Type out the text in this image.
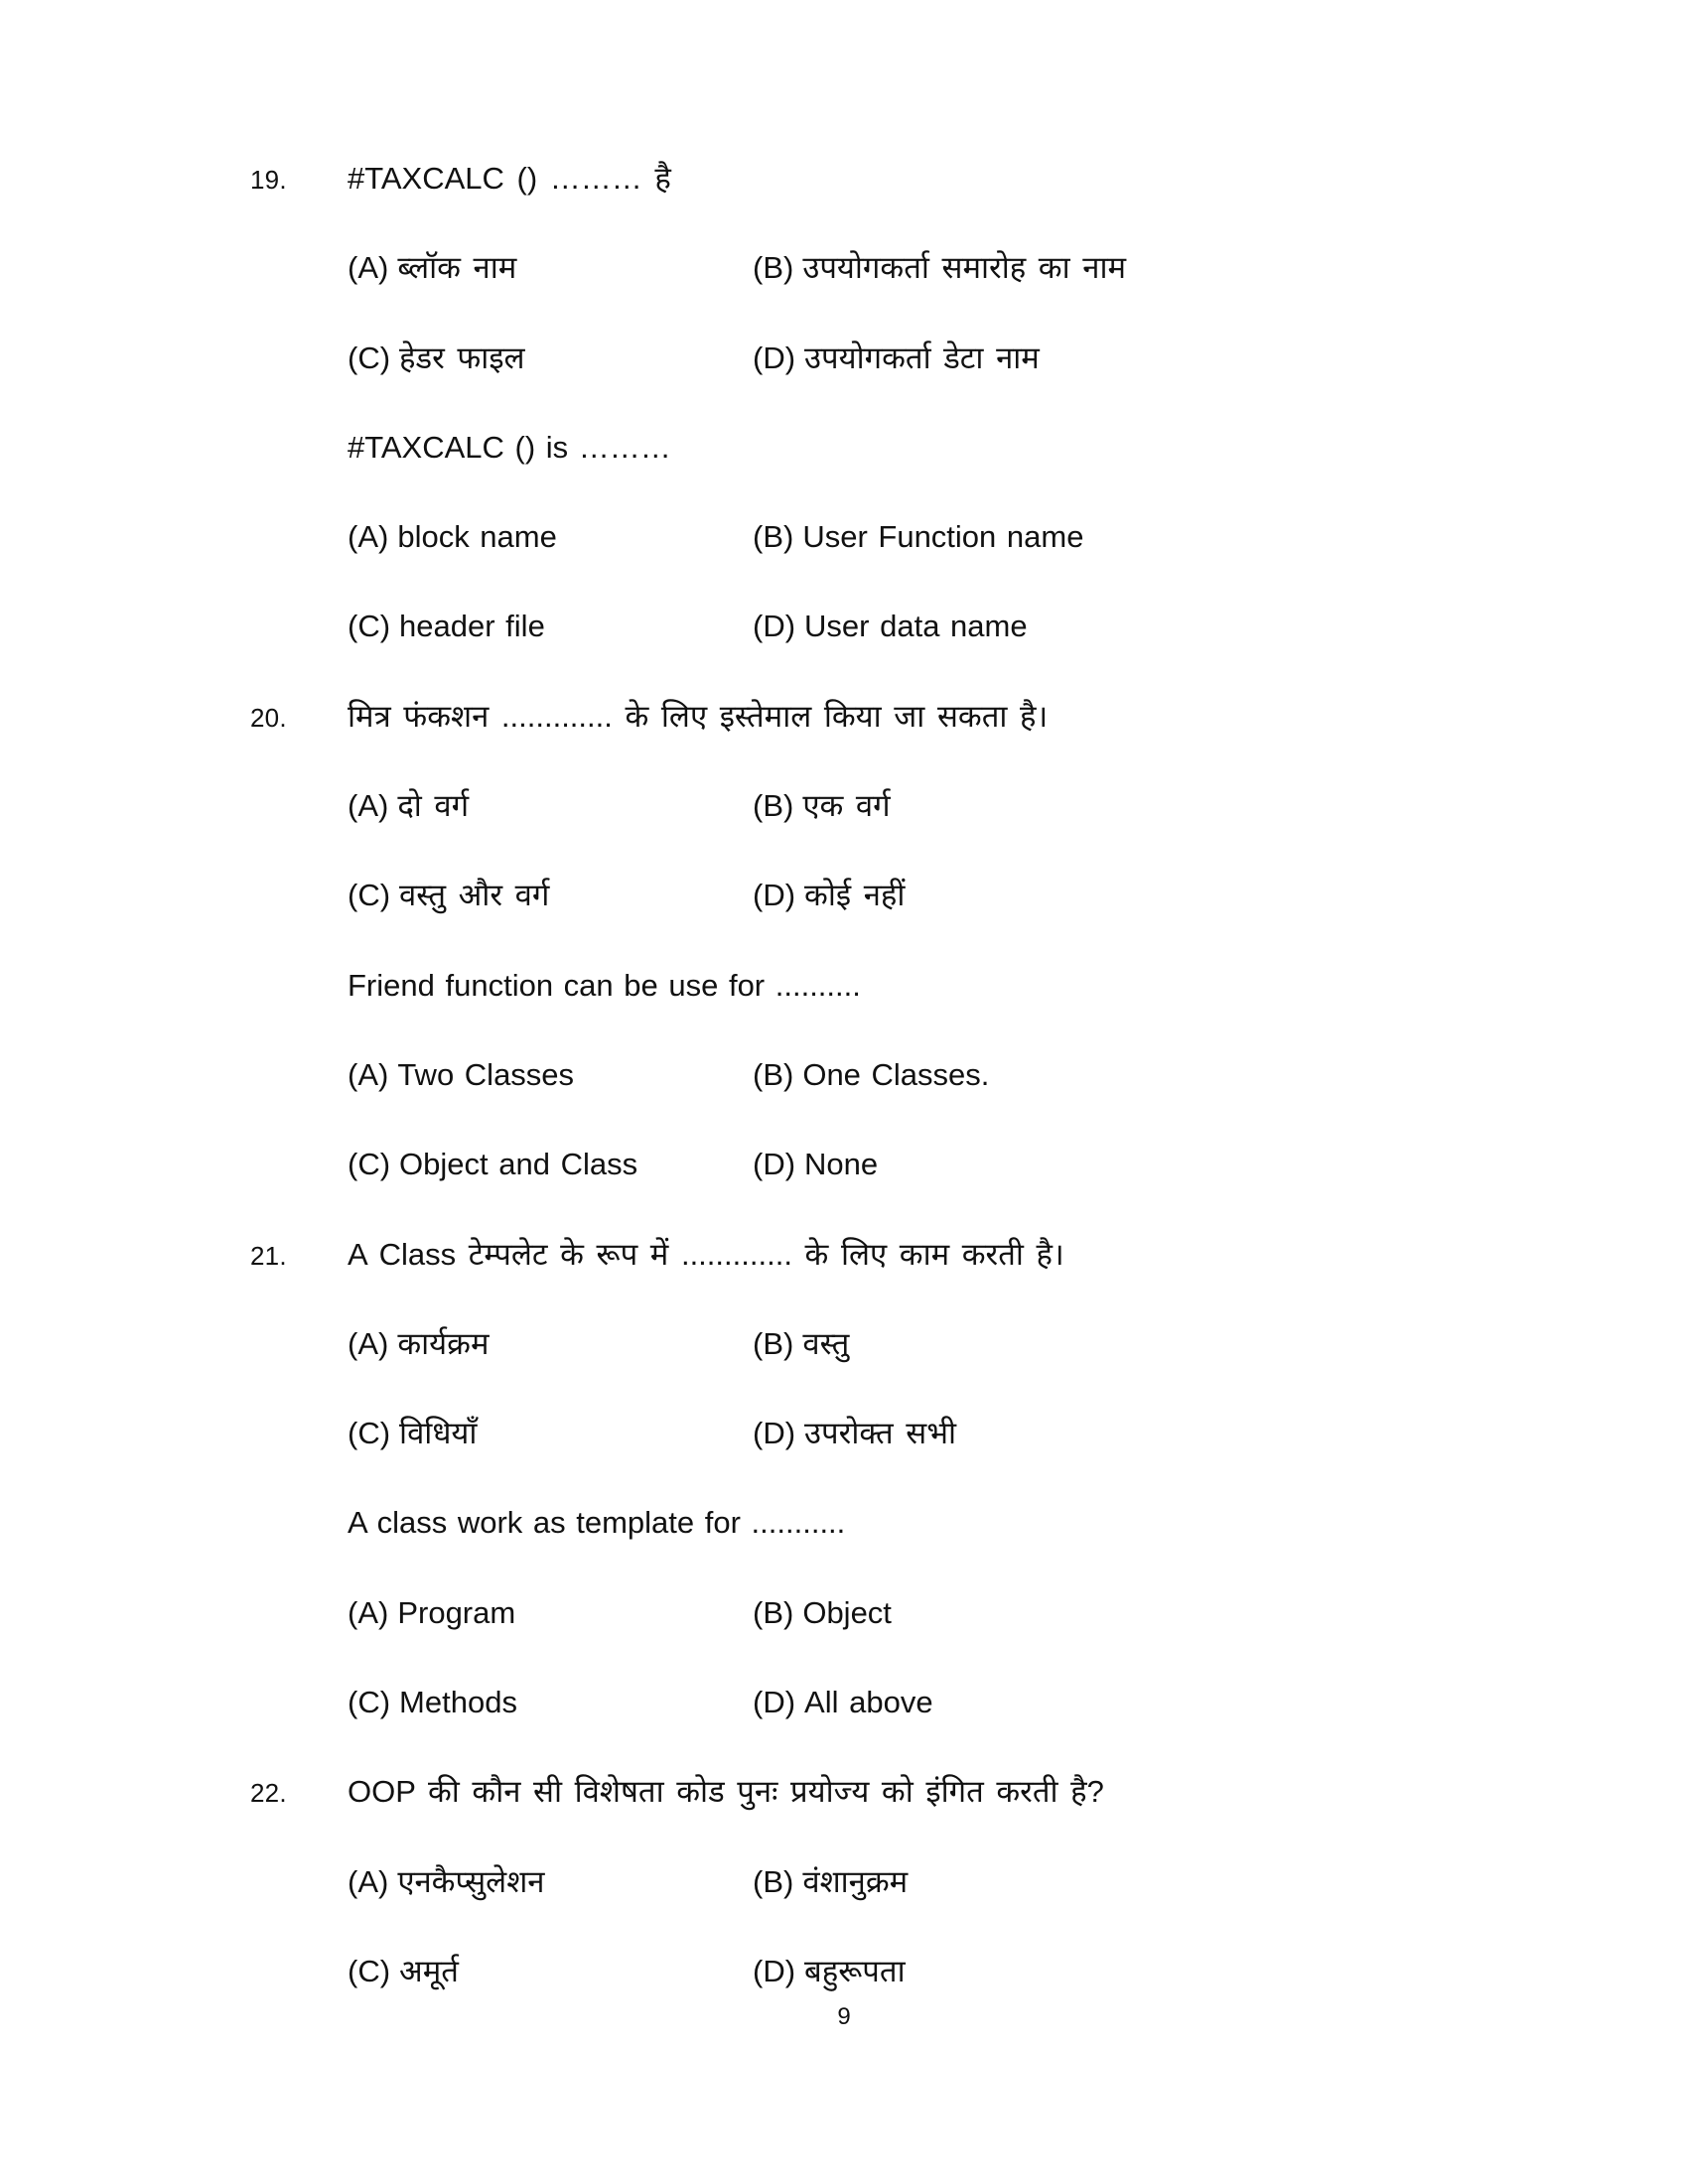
19.	#TAXCALC () ……… है
(A) ब्लॉक नाम	(B) उपयोगकर्ता समारोह का नाम
(C) हेडर फाइल	(D) उपयोगकर्ता डेटा नाम
#TAXCALC () is ………
(A) block name	(B) User Function name
(C) header file	(D) User data name
20.	मित्र फंकशन ............. के लिए इस्तेमाल किया जा सकता है।
(A) दो वर्ग	(B) एक वर्ग
(C) वस्तु और वर्ग	(D) कोई नहीं
Friend function can be use for ..........
(A) Two Classes	(B) One Classes.
(C) Object and Class	(D) None
21.	A Class टेम्पलेट के रूप में ............. के लिए काम करती है।
(A) कार्यक्रम	(B) वस्तु
(C) विधियाँ	(D) उपरोक्त सभी
A class work as template for ...........
(A) Program	(B) Object
(C) Methods	(D) All above
22.	OOP की कौन सी विशेषता कोड पुनः प्रयोज्य को इंगित करती है?
(A) एनकैप्सुलेशन	(B) वंशानुक्रम
(C) अमूर्त	(D) बहुरूपता
9
